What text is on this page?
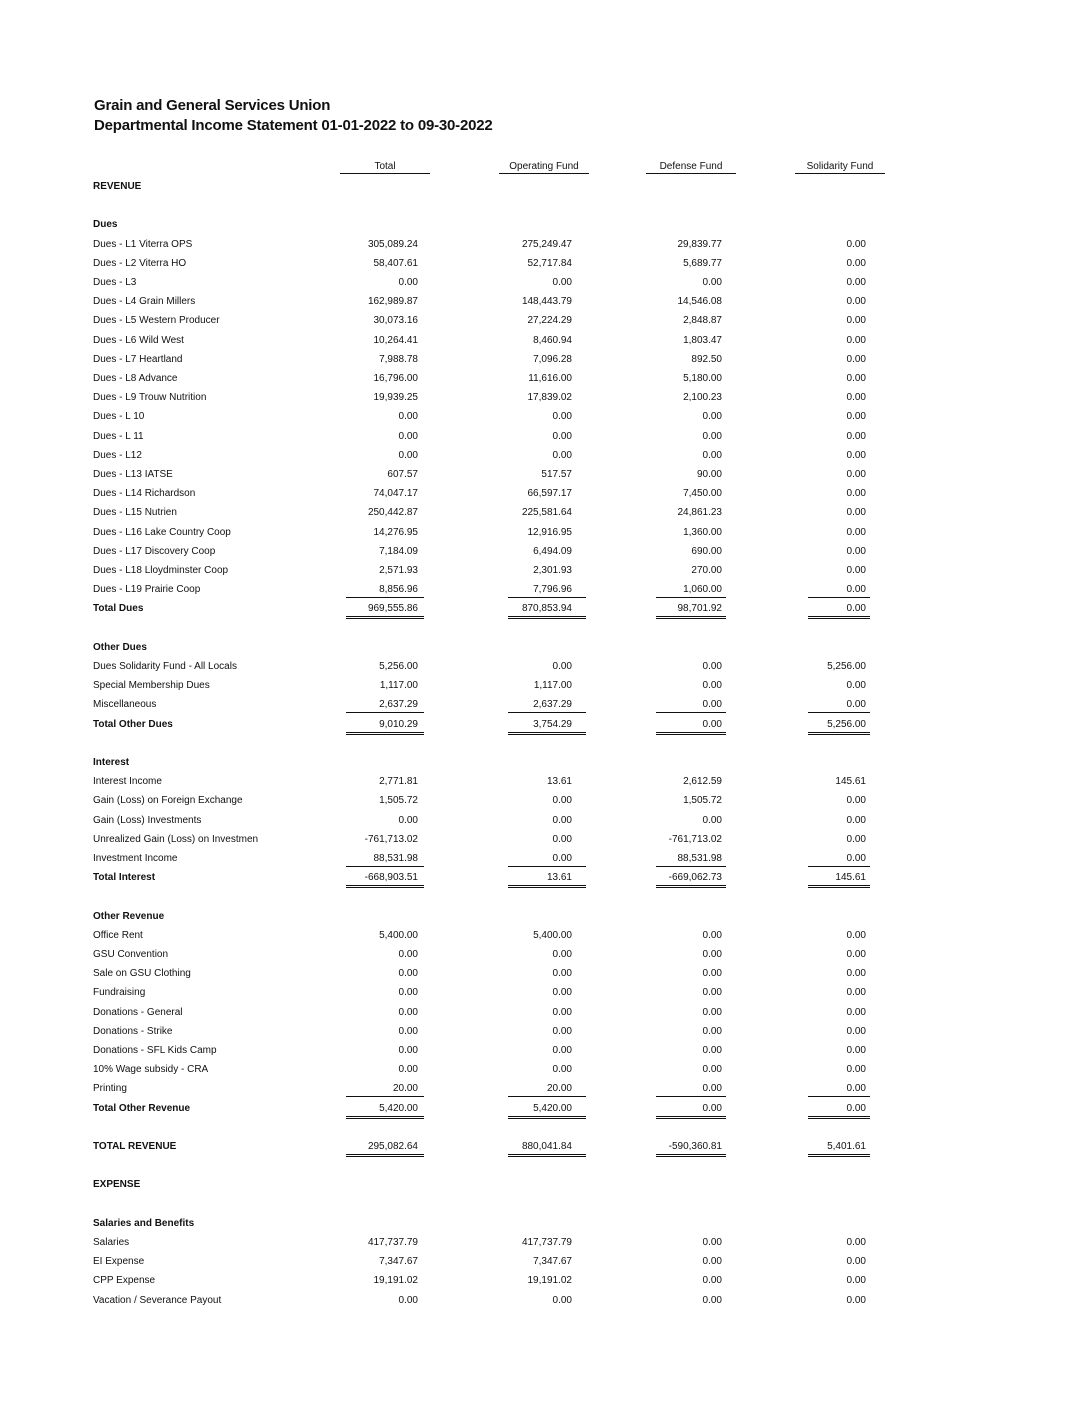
Grain and General Services Union
Departmental Income Statement 01-01-2022 to 09-30-2022
Total	Operating Fund	Defense Fund	Solidarity Fund
REVENUE
Dues
Dues - L1 Viterra OPS	305,089.24	275,249.47	29,839.77	0.00
Dues - L2 Viterra HO	58,407.61	52,717.84	5,689.77	0.00
Dues - L3	0.00	0.00	0.00	0.00
Dues - L4 Grain Millers	162,989.87	148,443.79	14,546.08	0.00
Dues - L5 Western Producer	30,073.16	27,224.29	2,848.87	0.00
Dues - L6 Wild West	10,264.41	8,460.94	1,803.47	0.00
Dues - L7 Heartland	7,988.78	7,096.28	892.50	0.00
Dues - L8 Advance	16,796.00	11,616.00	5,180.00	0.00
Dues - L9 Trouw Nutrition	19,939.25	17,839.02	2,100.23	0.00
Dues - L 10	0.00	0.00	0.00	0.00
Dues - L 11	0.00	0.00	0.00	0.00
Dues - L12	0.00	0.00	0.00	0.00
Dues - L13 IATSE	607.57	517.57	90.00	0.00
Dues - L14 Richardson	74,047.17	66,597.17	7,450.00	0.00
Dues - L15 Nutrien	250,442.87	225,581.64	24,861.23	0.00
Dues - L16 Lake Country Coop	14,276.95	12,916.95	1,360.00	0.00
Dues - L17 Discovery Coop	7,184.09	6,494.09	690.00	0.00
Dues - L18 Lloydminster Coop	2,571.93	2,301.93	270.00	0.00
Dues - L19 Prairie Coop	8,856.96	7,796.96	1,060.00	0.00
Total Dues	969,555.86	870,853.94	98,701.92	0.00
Other Dues
Dues Solidarity Fund - All Locals	5,256.00	0.00	0.00	5,256.00
Special Membership Dues	1,117.00	1,117.00	0.00	0.00
Miscellaneous	2,637.29	2,637.29	0.00	0.00
Total Other Dues	9,010.29	3,754.29	0.00	5,256.00
Interest
Interest Income	2,771.81	13.61	2,612.59	145.61
Gain (Loss) on Foreign Exchange	1,505.72	0.00	1,505.72	0.00
Gain (Loss) Investments	0.00	0.00	0.00	0.00
Unrealized Gain (Loss) on Investmen	-761,713.02	0.00	-761,713.02	0.00
Investment Income	88,531.98	0.00	88,531.98	0.00
Total Interest	-668,903.51	13.61	-669,062.73	145.61
Other Revenue
Office Rent	5,400.00	5,400.00	0.00	0.00
GSU Convention	0.00	0.00	0.00	0.00
Sale on GSU Clothing	0.00	0.00	0.00	0.00
Fundraising	0.00	0.00	0.00	0.00
Donations - General	0.00	0.00	0.00	0.00
Donations - Strike	0.00	0.00	0.00	0.00
Donations - SFL Kids Camp	0.00	0.00	0.00	0.00
10% Wage subsidy - CRA	0.00	0.00	0.00	0.00
Printing	20.00	20.00	0.00	0.00
Total Other Revenue	5,420.00	5,420.00	0.00	0.00
TOTAL REVENUE	295,082.64	880,041.84	-590,360.81	5,401.61
EXPENSE
Salaries and Benefits
Salaries	417,737.79	417,737.79	0.00	0.00
EI Expense	7,347.67	7,347.67	0.00	0.00
CPP Expense	19,191.02	19,191.02	0.00	0.00
Vacation / Severance Payout	0.00	0.00	0.00	0.00
